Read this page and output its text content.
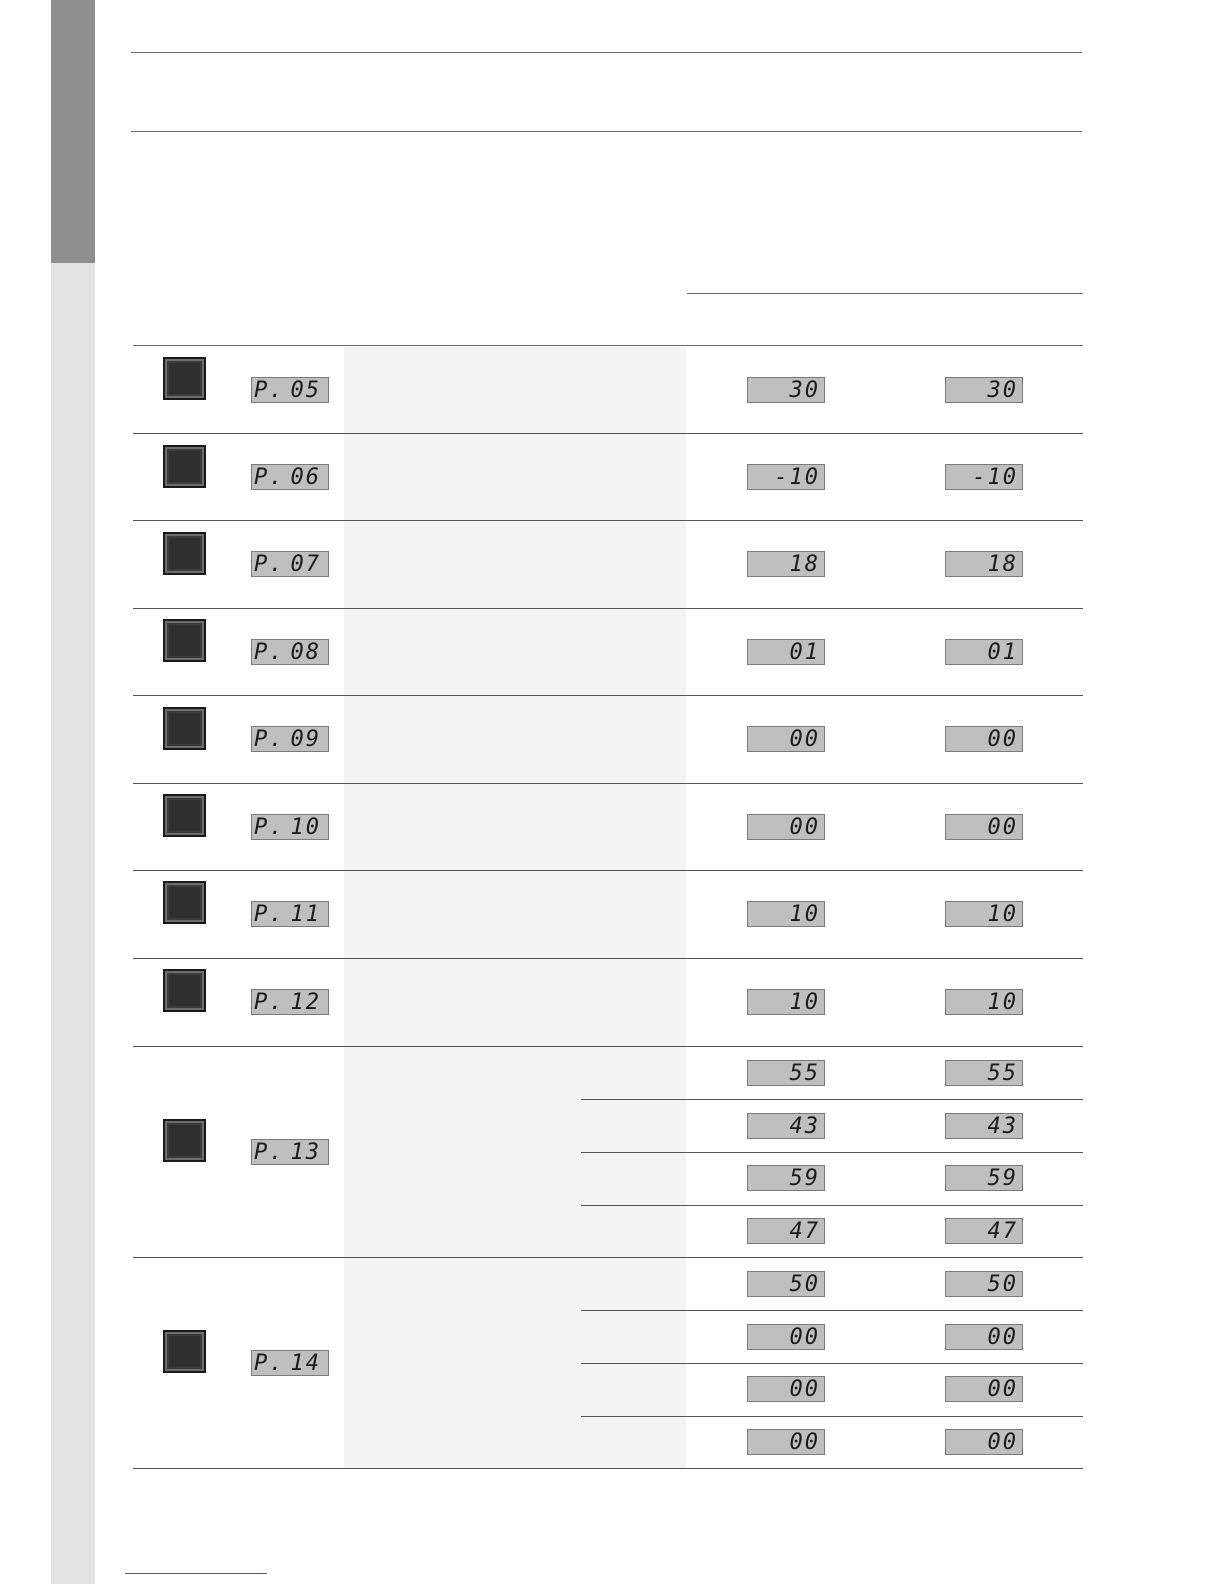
P. 05	30	30
P. 06	-10	-10
P. 07	18	18
P. 08	01	01
P. 09	00	00
P. 10	00	00
P. 11	10	10
P. 12	10	10
P. 13
55	55
43	43
59	59
47	47
P. 14
50	50
00	00
00	00
00	00
